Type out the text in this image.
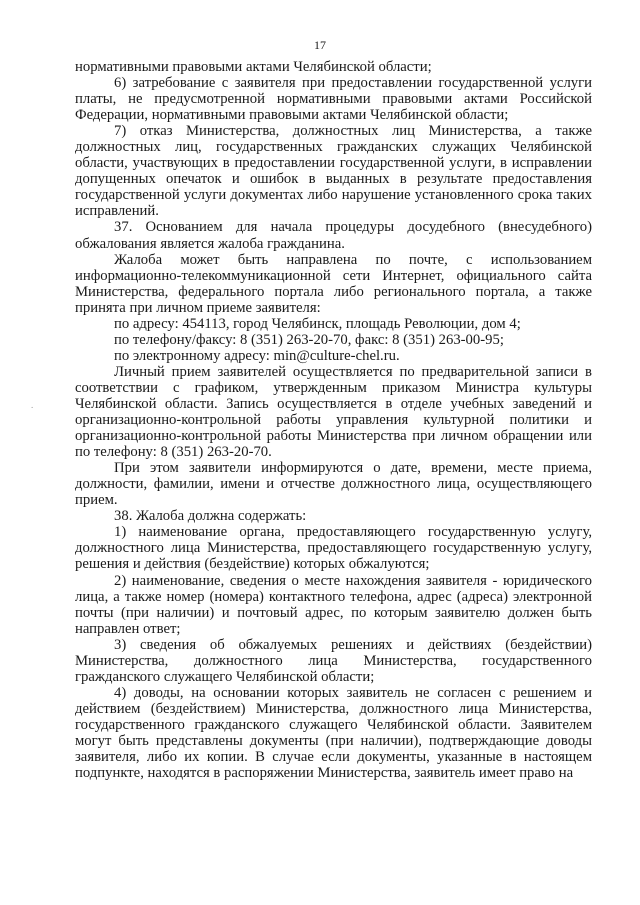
17
.

нормативными правовыми актами Челябинской области;

6) затребование с заявителя при предоставлении государственной услуги платы, не предусмотренной нормативными правовыми актами Российской Федерации, нормативными правовыми актами Челябинской области;

7) отказ Министерства, должностных лиц Министерства, а также должностных лиц, государственных гражданских служащих Челябинской области, участвующих в предоставлении государственной услуги, в исправлении допущенных опечаток и ошибок в выданных в результате предоставления государственной услуги документах либо нарушение установленного срока таких исправлений.

37. Основанием для начала процедуры досудебного (внесудебного) обжалования является жалоба гражданина.

Жалоба может быть направлена по почте, с использованием информационно-телекоммуникационной сети Интернет, официального сайта Министерства, федерального портала либо регионального портала, а также принята при личном приеме заявителя:

по адресу: 454113, город Челябинск, площадь Революции, дом 4;

по телефону/факсу: 8 (351) 263-20-70, факс: 8 (351) 263-00-95;

по электронному адресу: min@culture-chel.ru.

Личный прием заявителей осуществляется по предварительной записи в соответствии с графиком, утвержденным приказом Министра культуры Челябинской области. Запись осуществляется в отделе учебных заведений и организационно-контрольной работы управления культурной политики и организационно-контрольной работы Министерства при личном обращении или по телефону: 8 (351) 263-20-70.

При этом заявители информируются о дате, времени, месте приема, должности, фамилии, имени и отчестве должностного лица, осуществляющего прием.

38. Жалоба должна содержать:

1) наименование органа, предоставляющего государственную услугу, должностного лица Министерства, предоставляющего государственную услугу, решения и действия (бездействие) которых обжалуются;

2) наименование, сведения о месте нахождения заявителя - юридического лица, а также номер (номера) контактного телефона, адрес (адреса) электронной почты (при наличии) и почтовый адрес, по которым заявителю должен быть направлен ответ;

3) сведения об обжалуемых решениях и действиях (бездействии) Министерства, должностного лица Министерства, государственного гражданского служащего Челябинской области;

4) доводы, на основании которых заявитель не согласен с решением и действием (бездействием) Министерства, должностного лица Министерства, государственного гражданского служащего Челябинской области. Заявителем могут быть представлены документы (при наличии), подтверждающие доводы заявителя, либо их копии. В случае если документы, указанные в настоящем подпункте, находятся в распоряжении Министерства, заявитель имеет право на
